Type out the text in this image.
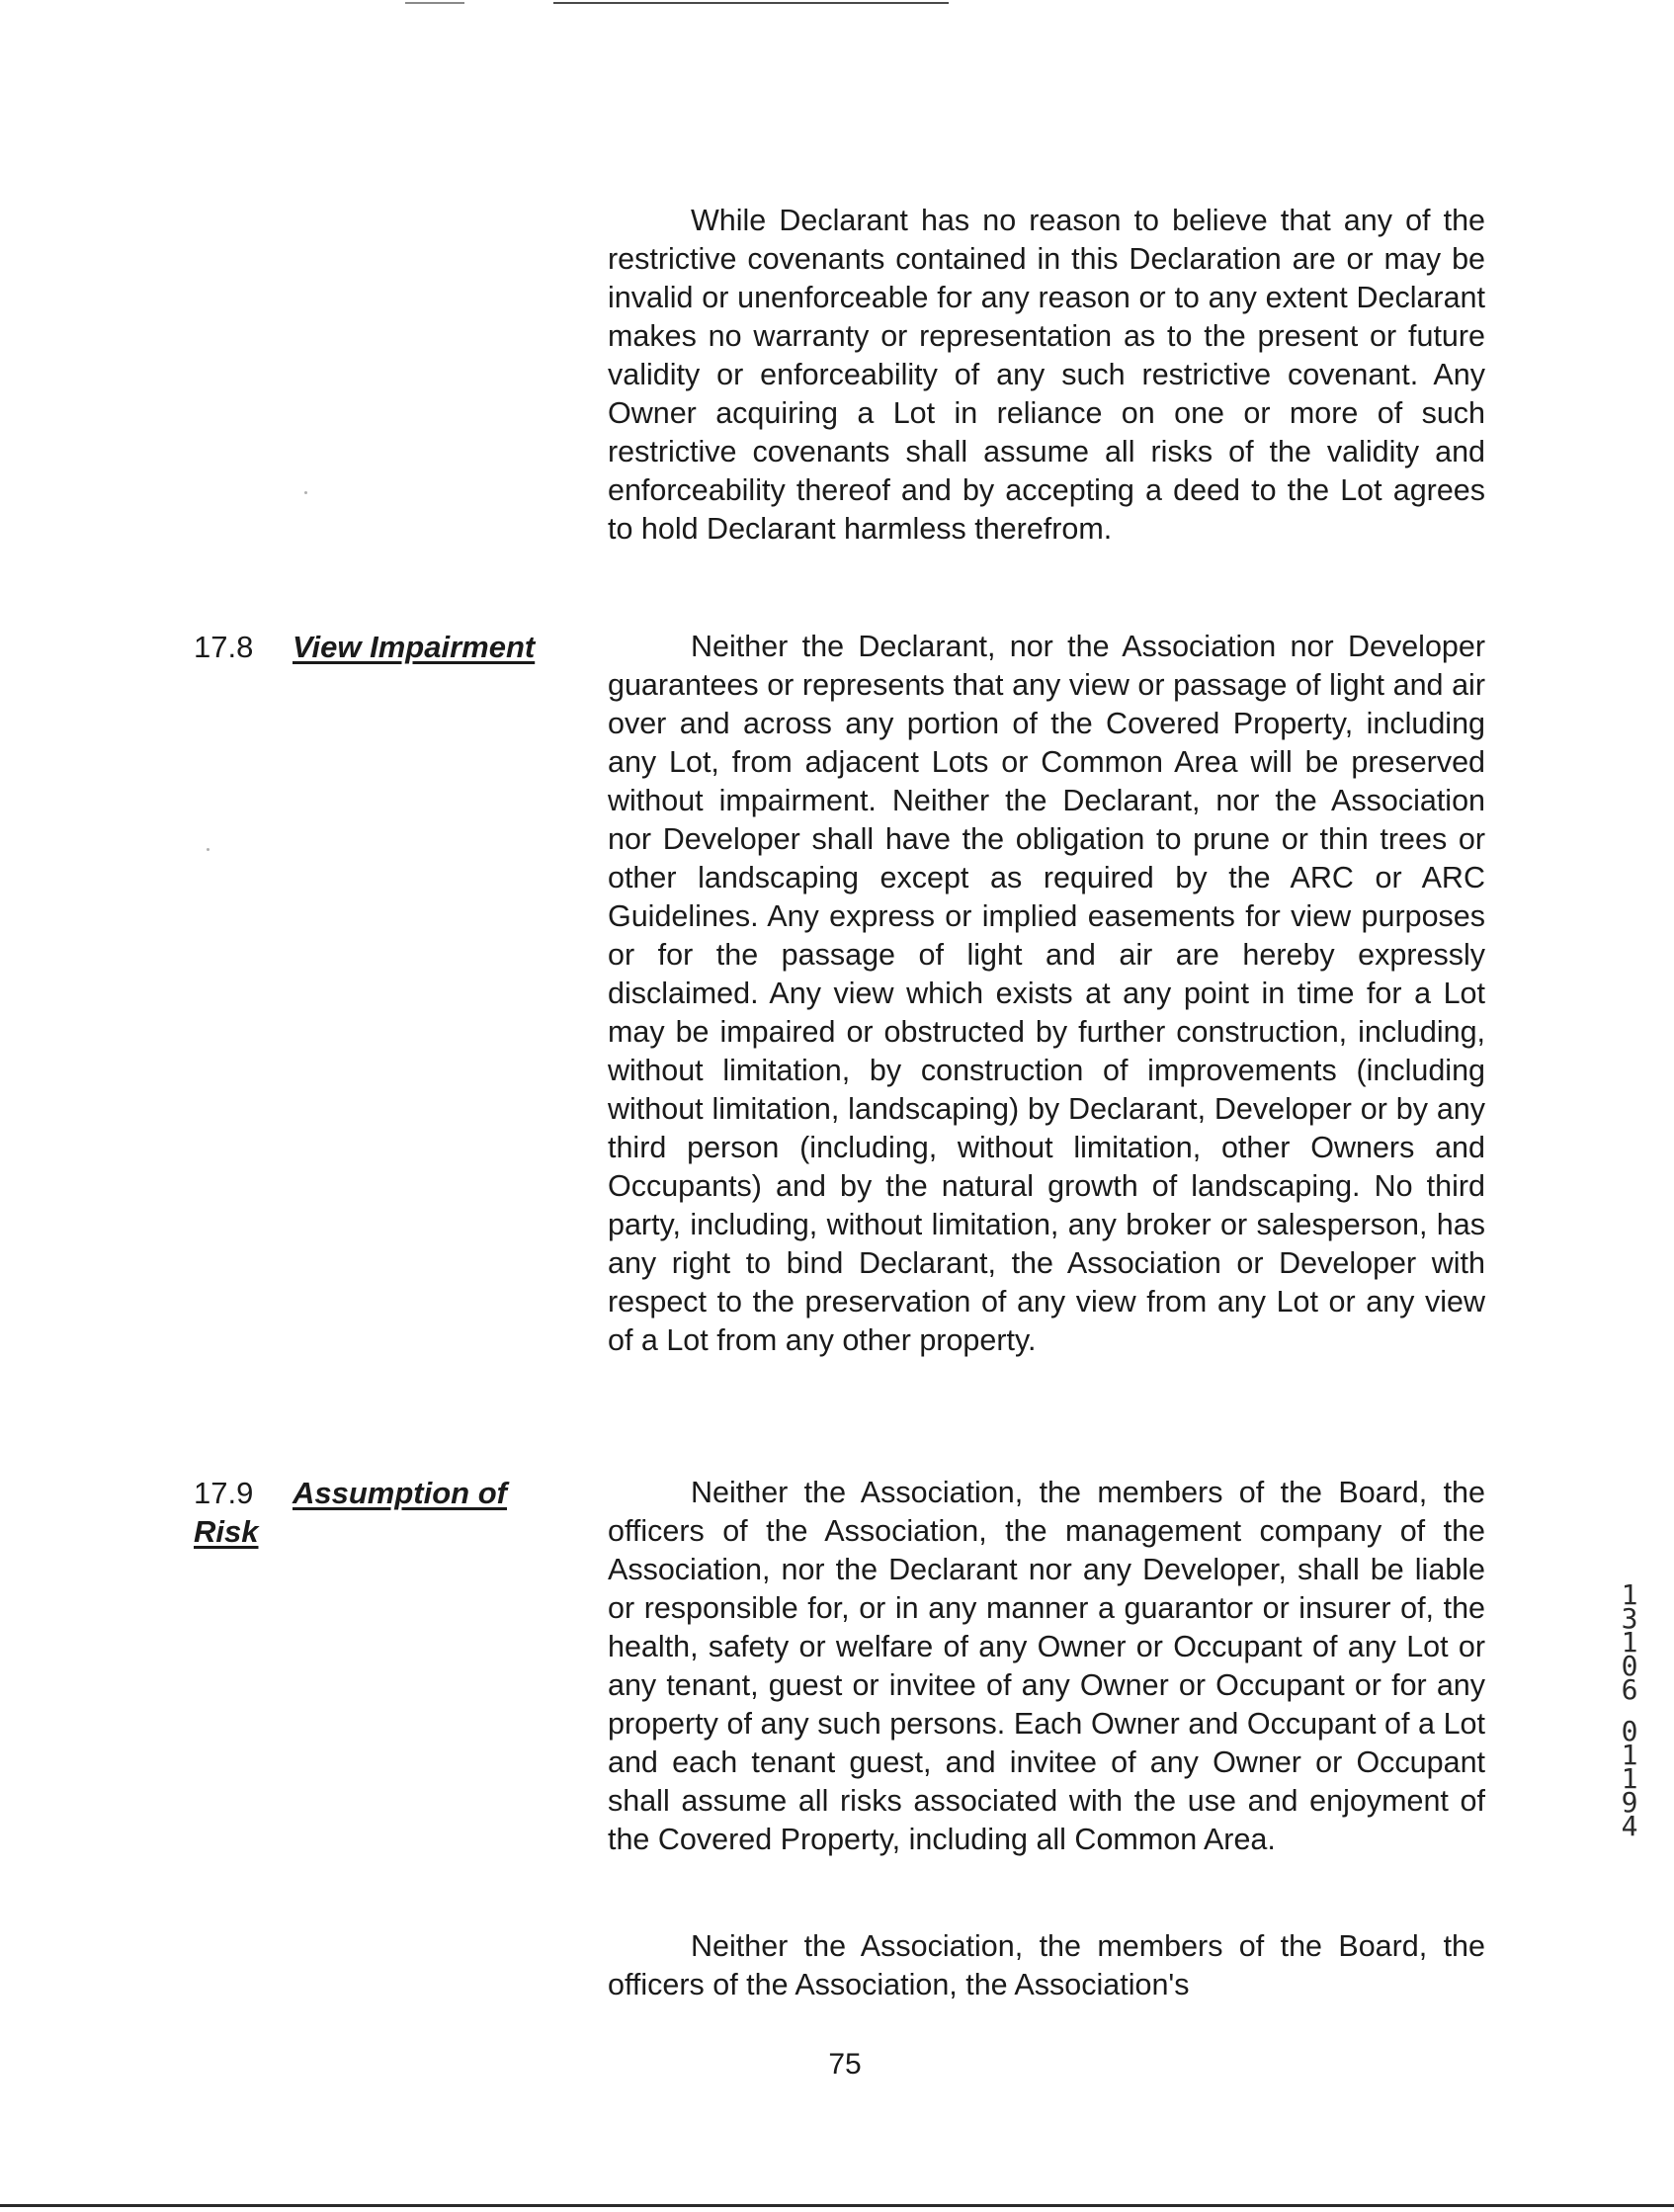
While Declarant has no reason to believe that any of the restrictive covenants contained in this Declaration are or may be invalid or unenforceable for any reason or to any extent Declarant makes no warranty or representation as to the present or future validity or enforceability of any such restrictive covenant. Any Owner acquiring a Lot in reliance on one or more of such restrictive covenants shall assume all risks of the validity and enforceability thereof and by accepting a deed to the Lot agrees to hold Declarant harmless therefrom.

17.8 View Impairment	Neither the Declarant, nor the Association nor Developer guarantees or represents that any view or passage of light and air over and across any portion of the Covered Property, including any Lot, from adjacent Lots or Common Area will be preserved without impairment. Neither the Declarant, nor the Association nor Developer shall have the obligation to prune or thin trees or other landscaping except as required by the ARC or ARC Guidelines. Any express or implied easements for view purposes or for the passage of light and air are hereby expressly disclaimed. Any view which exists at any point in time for a Lot may be impaired or obstructed by further construction, including, without limitation, by construction of improvements (including without limitation, landscaping) by Declarant, Developer or by any third person (including, without limitation, other Owners and Occupants) and by the natural growth of landscaping. No third party, including, without limitation, any broker or salesperson, has any right to bind Declarant, the Association or Developer with respect to the preservation of any view from any Lot or any view of a Lot from any other property.

17.9 Assumption of
Risk

Neither the Association, the members of the Board, the officers of the Association, the management company of the Association, nor the Declarant nor any Developer, shall be liable or responsible for, or in any manner a guarantor or insurer of, the health, safety or welfare of any Owner or Occupant of any Lot or any tenant, guest or invitee of any Owner or Occupant or for any property of any such persons. Each Owner and Occupant of a Lot and each tenant guest, and invitee of any Owner or Occupant shall assume all risks associated with the use and enjoyment of the Covered Property, including all Common Area.

Neither the Association, the members of the Board, the officers of the Association, the Association's

75
1
3
1
0
6
0
1
1
9
4
